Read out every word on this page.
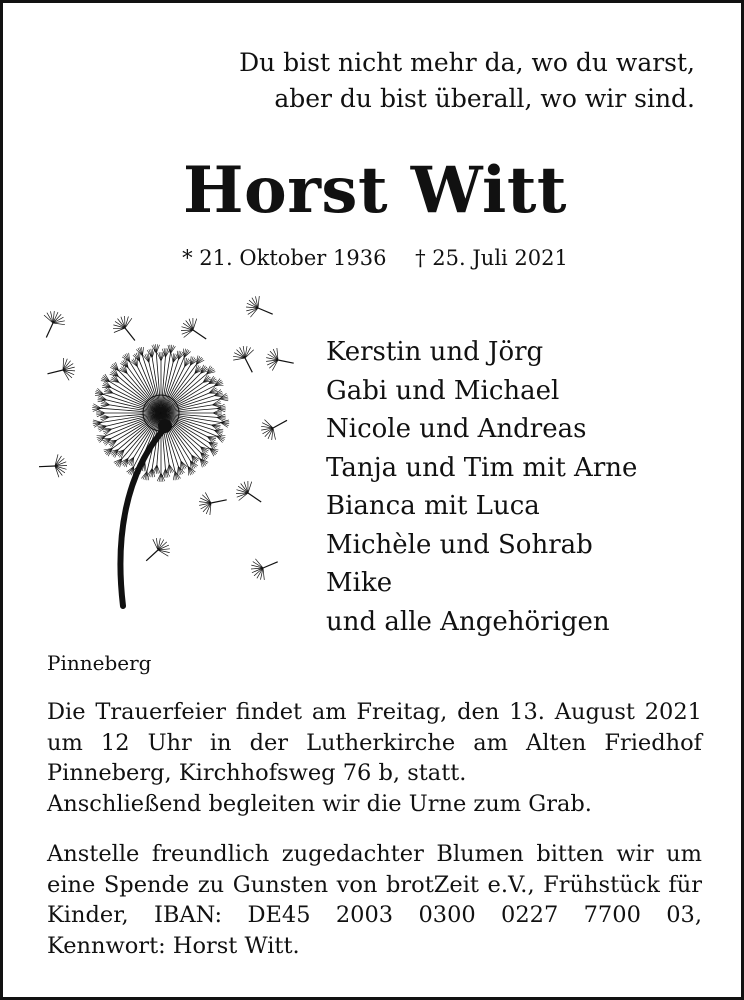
Du bist nicht mehr da, wo du warst,
aber du bist überall, wo wir sind.
Horst Witt
* 21. Oktober 1936 † 25. Juli 2021
Kerstin und Jörg
Gabi und Michael
Nicole und Andreas
Tanja und Tim mit Arne
Bianca mit Luca
Michèle und Sohrab
Mike
und alle Angehörigen
Pinneberg
Die Trauerfeier findet am Freitag, den 13. August 2021
um 12 Uhr in der Lutherkirche am Alten Friedhof
Pinneberg, Kirchhofsweg 76 b, statt.
Anschließend begleiten wir die Urne zum Grab.
Anstelle freundlich zugedachter Blumen bitten wir um
eine Spende zu Gunsten von brotZeit e.V., Frühstück für
Kinder, IBAN: DE45 2003 0300 0227 7700 03,
Kennwort: Horst Witt.
